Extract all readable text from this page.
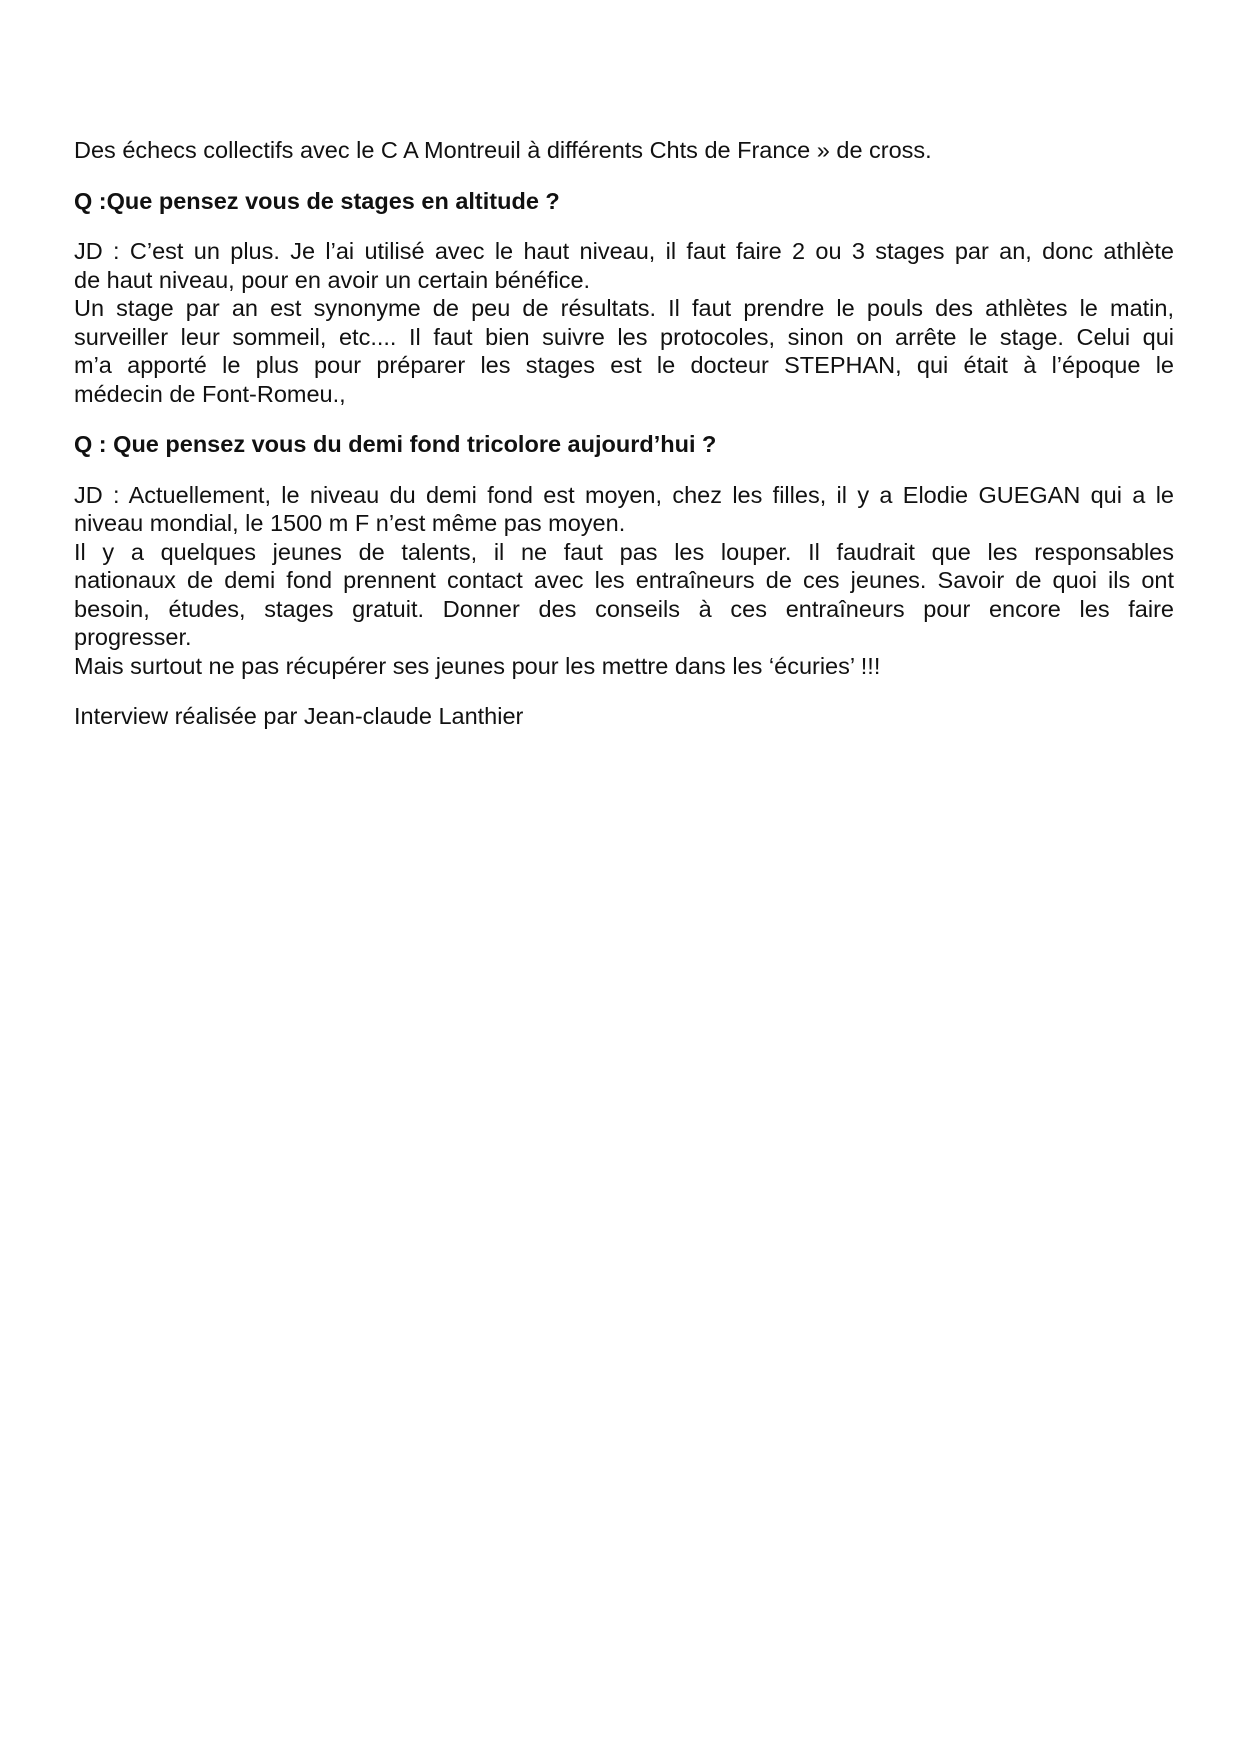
Des échecs collectifs avec le C A Montreuil à différents Chts de France » de cross.

Q :Que pensez vous de stages en altitude ?

JD : C’est un plus. Je l’ai utilisé avec le haut niveau, il faut faire 2 ou 3 stages par an, donc athlète
de haut niveau, pour en avoir un certain bénéfice.
Un stage par an est synonyme de peu de résultats. Il faut prendre le pouls des athlètes le matin,
surveiller leur sommeil, etc.... Il faut bien suivre les protocoles, sinon on arrête le stage. Celui qui
m’a apporté le plus pour préparer les stages est le docteur STEPHAN, qui était à l’époque le
médecin de Font-Romeu.,

Q : Que pensez vous du demi fond tricolore aujourd’hui ?

JD : Actuellement, le niveau du demi fond est moyen, chez les filles, il y a Elodie GUEGAN qui a le
niveau mondial, le 1500 m F n’est même pas moyen.
Il y a quelques jeunes de talents, il ne faut pas les louper. Il faudrait que les responsables
nationaux de demi fond prennent contact avec les entraîneurs de ces jeunes. Savoir de quoi ils ont
besoin, études, stages gratuit. Donner des conseils à ces entraîneurs pour encore les faire
progresser.
Mais surtout ne pas récupérer ses jeunes pour les mettre dans les ‘écuries’ !!!

Interview réalisée par Jean-claude Lanthier
